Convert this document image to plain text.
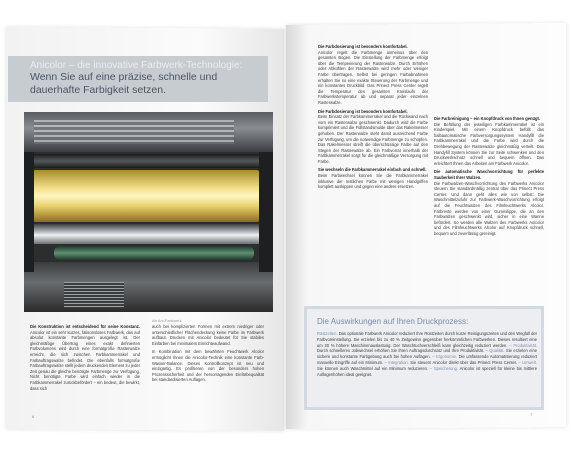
Anicolor – die innovative Farbwerk-Technologie:
Wenn Sie auf eine präzise, schnelle und dauerhafte Farbigkeit setzen.
Ab Ani-Farbwerk

Die Konstruktion ist entscheidend für seine Konstanz. Anicolor ist ein sehr kurzes, fatisonsloses Farbwerk, das auf absolut konstante Farbmengen ausgelegt ist. Der gleichmäßige Übertrag eines exakt definierten Farbvolumens wird durch eine formatgroße Rasterwalze erreicht, die sich zwischen Farbkammerrakel und Farbauftragswalze befindet. Die ebenfalls formatgroße Farbauftragswalze stellt jedem druckenden Element zu jeder Zeit genau die gleiche benötigte Farbmenge zur Verfügung. Nicht benötigte Farbe wird einfach wieder in die Farbkammerrakel zurückbefördert – ein bedeut, die bewirkt, dass sich

auch bei komplizierten Formen mit extrem niedriger oder unterschiedlicher Flächendeckung keine Farbe im Farbwerk aufbaut. Drucken mit Anicolor bedeutet für Sie stabiles Einfärben bei minimalem Einrichteaufwand.

In Kombination mit dem bewährten Feuchtwerk Alcolor ermöglicht Ihnen die Anicolor-Technik eine konstante Farb-Wasser-Balance. Dieses Kontrollkonzept ist neu und einzigartig. Es profitieren von der besonders hohen Prozesssicherheit und der hervorragenden Einfärbequalität bei standardisierten Auflagen.

6

Die Farbdosierung ist besonders komfortabel.
Anicolor regelt die Farbmenge anmeinus über den gesamten Bogen. Die Einstellung der Farbmenge erfolgt über die Temperierung der Rasterwalze. Durch Erhöhen oder Abkühlen der Rasterwalze wird mehr oder weniger Farbe übertragen. Selbst bei geringen Farbabnahmen erhalten Sie so eine exakte Steuerung der Farbmenge und ein konstantes Druckbild. Das Prinect Press Center regelt die Temperatur des gesamten Kreislaufs der Farbwerkstemperatur ab und separat jeder einzelnen Rasterwalze.

Die Farbdosierung ist besonders komfortabel.
Beim Einsatz der Farbkammerrakel und die Rückwand nach vorn ein Rasterwalze geschwenkt. Dadurch wird die Farbe komprimiert und die Füllstandsmulde über das Rakelmesser gehoben. Der Rasterwalze steht damit ausreichend Farbe zur Verfügung, um die notwendige Farbmenge zu schöpfen. Das Rakelmesser streift die überschüssige Farbe auf den Stegen der Rasterwalze ab. Ein Farbvorrat innerhalb der Farbkammerrakel sorgt für die gleichmäßige Versorgung mit Farbe.

Sie wechseln die Farbkammerrakel einfach und schnell.
Beim Farbwechsel können Sie die Farbkammerrakel inklusive der restlichen Farbe mit wenigen Handgriffen komplett auskippen und gegen eine andere ersetzen.

Die Farbreinigung – ein Knopfdruck von Ihnen genügt.
Die Befüllung der jeweiligen Farbkammerrakel ist ein Kinderspiel. Mit einem Knopfdruck befüllt das halbautomatische Farbversorgungssystem Handyfill die Farbkammerrakel und die Farbe wird durch die Drehbewegung der Rasterwalze gleichmäßig verteilt. Das Handyfill System können Sie zur Seite schwenken und den Druckwerkschutz schnell und bequem öffnen. Das erleichtert Ihnen das Arbeiten am Farbwerk Anicolor.

Die automatische Waschvorrichtung für perfekte Sauberkeit Ihrer Walzen.
Die Farbwalzen-Waschvorrichtung des Farbwerks Anicolor steuern Sie standardmäßig zentral über das Prinect Press Center. Und dann geht alles wie von selbst: Die Waschmittelzufuhr zur Farbwerk-Waschvorrichtung erfolgt auf die Feuchtwalzen des Filmfeuchtwerks Alcolor. Farbreste werden von einer Gummilippe, die an den Farbwalzen geschwenkt wird, sicher in eine Wanne befördert. So werden alle Walzen des Farbwerks Anicolor und des Filmfeuchtwerks Alcolor auf Knopfdruck schnell, bequem und zuverlässig gereinigt.

Die Auswirkungen auf Ihren Druckprozess:
Rüstzeiten. Das optionale Farbwerk Anicolor reduziert Ihre Rüstzeiten durch kurze Reinigungszeiten und den Wegfall der Farbvoreinstellung. Sie erzielen bis zu 40 % Zeitgewinn gegenüber herkömmlichen Farbwerken. Dieses resultiert eine um 20 % höhere Maschinenauslastung. Der Waschtuchverschleiß kann gleichzeitig reduziert werden. – Produktivität. Durch schnelleres Jobwechsel erhöhen Sie Ihren Auftragsdurchsatz und Ihre Produktivität. – Qualität. Sie erzielen eine sichere und konstante Farbgebung auch bei hohen Auflagen. – Ergonomie. Die umfassende Automatisierung reduziert manuelle Eingriffe auf ein Minimum. – Integration. Sie steuern Anicolor direkt über das Prinect Press Center. – Umwelt. Sie können auch Waschmittel auf ein Minimum reduzieren. – Speicherung. Anicolor ist speziell für kleine bis mittlere Auflagenhöhen ideal geeignet.
7
